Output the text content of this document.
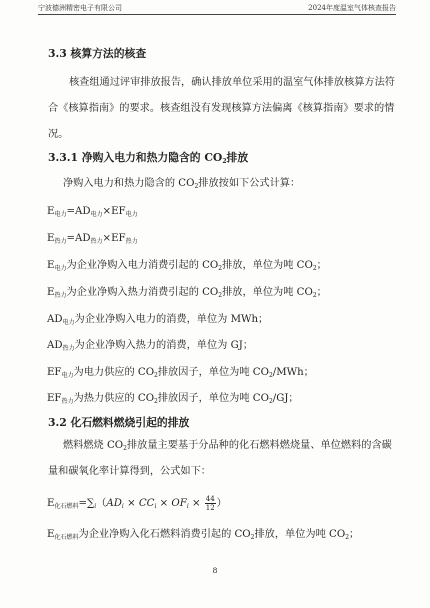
宁波德洲精密电子有限公司	2024年度温室气体核查报告
3.3 核算方法的核查
核查组通过评审排放报告，确认排放单位采用的温室气体排放核算方法符合《核算指南》的要求。核查组没有发现核算方法偏离《核算指南》要求的情况。
3.3.1 净购入电力和热力隐含的 $CO_2$排放
净购入电力和热力隐含的 $CO_2$排放按如下公式计算：
$E_{电力}=AD_{电力}\times EF_{电力}$
$E_{热力}=AD_{热力}\times EF_{热力}$
$E_{电力}$为企业净购入电力消费引起的 $CO_2$排放，单位为吨 $CO_2$；
$E_{热力}$为企业净购入热力消费引起的 $CO_2$排放，单位为吨 $CO_2$；
$AD_{电力}$为企业净购入电力的消费，单位为 MWh；
$AD_{热力}$为企业净购入热力的消费，单位为 GJ；
$EF_{电力}$为电力供应的 $CO_2$排放因子，单位为吨 $CO_2$/MWh；
$EF_{热力}$为热力供应的 $CO_2$排放因子，单位为吨 $CO_2/GJ$；
3.2 化石燃料燃烧引起的排放
燃料燃烧 $CO_2$排放量主要基于分品种的化石燃料燃烧量、单位燃料的含碳量和碳氧化率计算得到，公式如下：
$E_{化石燃料}=\sum_i(AD_i \times CC_i \times OF_i \times \frac{44}{12}$ ）
$E_{化石燃料}$为企业净购入化石燃料消费引起的 $CO_2$排放，单位为吨 $CO_2$；
8
